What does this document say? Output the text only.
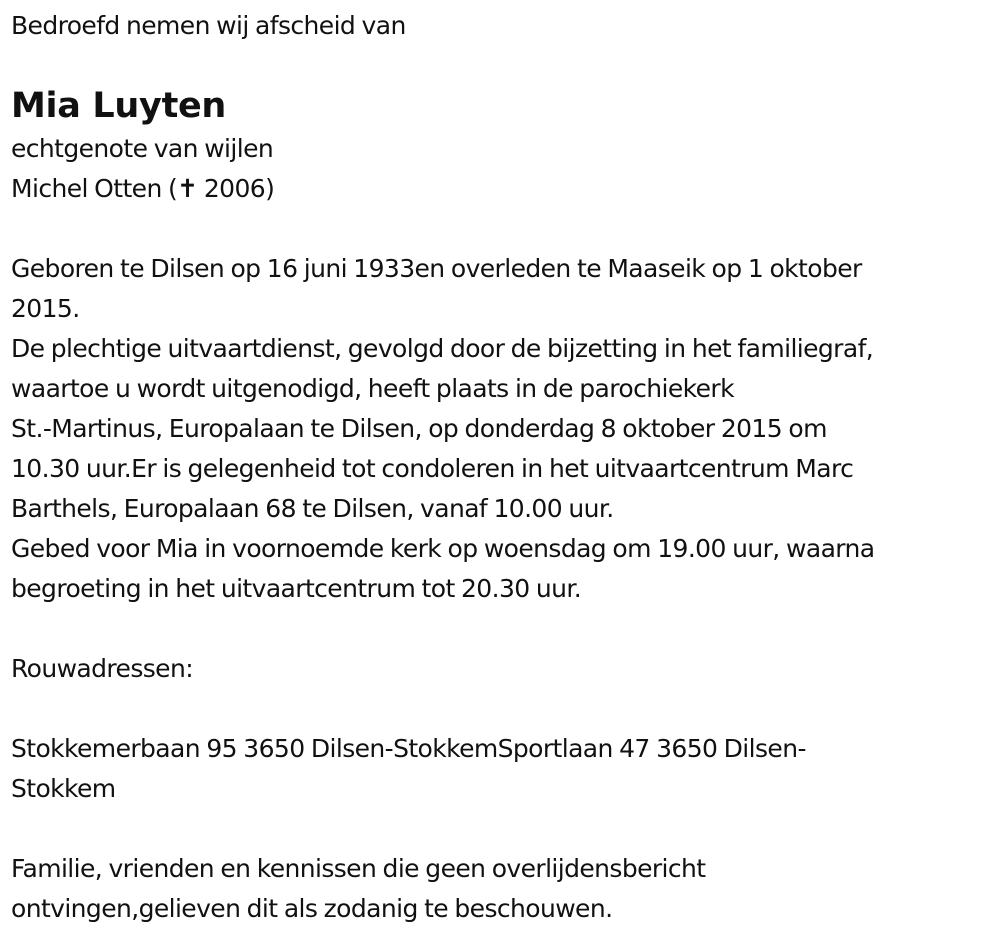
Bedroefd nemen wij afscheid van
Mia Luyten
echtgenote van wijlen
Michel Otten (✝ 2006)
Geboren te Dilsen op 16 juni 1933en overleden te Maaseik op 1 oktober
2015.
De plechtige uitvaartdienst, gevolgd door de bijzetting in het familiegraf,
waartoe u wordt uitgenodigd, heeft plaats in de parochiekerk
St.-Martinus, Europalaan te Dilsen, op donderdag 8 oktober 2015 om
10.30 uur.Er is gelegenheid tot condoleren in het uitvaartcentrum Marc
Barthels, Europalaan 68 te Dilsen, vanaf 10.00 uur.
Gebed voor Mia in voornoemde kerk op woensdag om 19.00 uur, waarna
begroeting in het uitvaartcentrum tot 20.30 uur.
Rouwadressen:
Stokkemerbaan 95 3650 Dilsen-StokkemSportlaan 47 3650 Dilsen-
Stokkem
Familie, vrienden en kennissen die geen overlijdensbericht
ontvingen,gelieven dit als zodanig te beschouwen.
